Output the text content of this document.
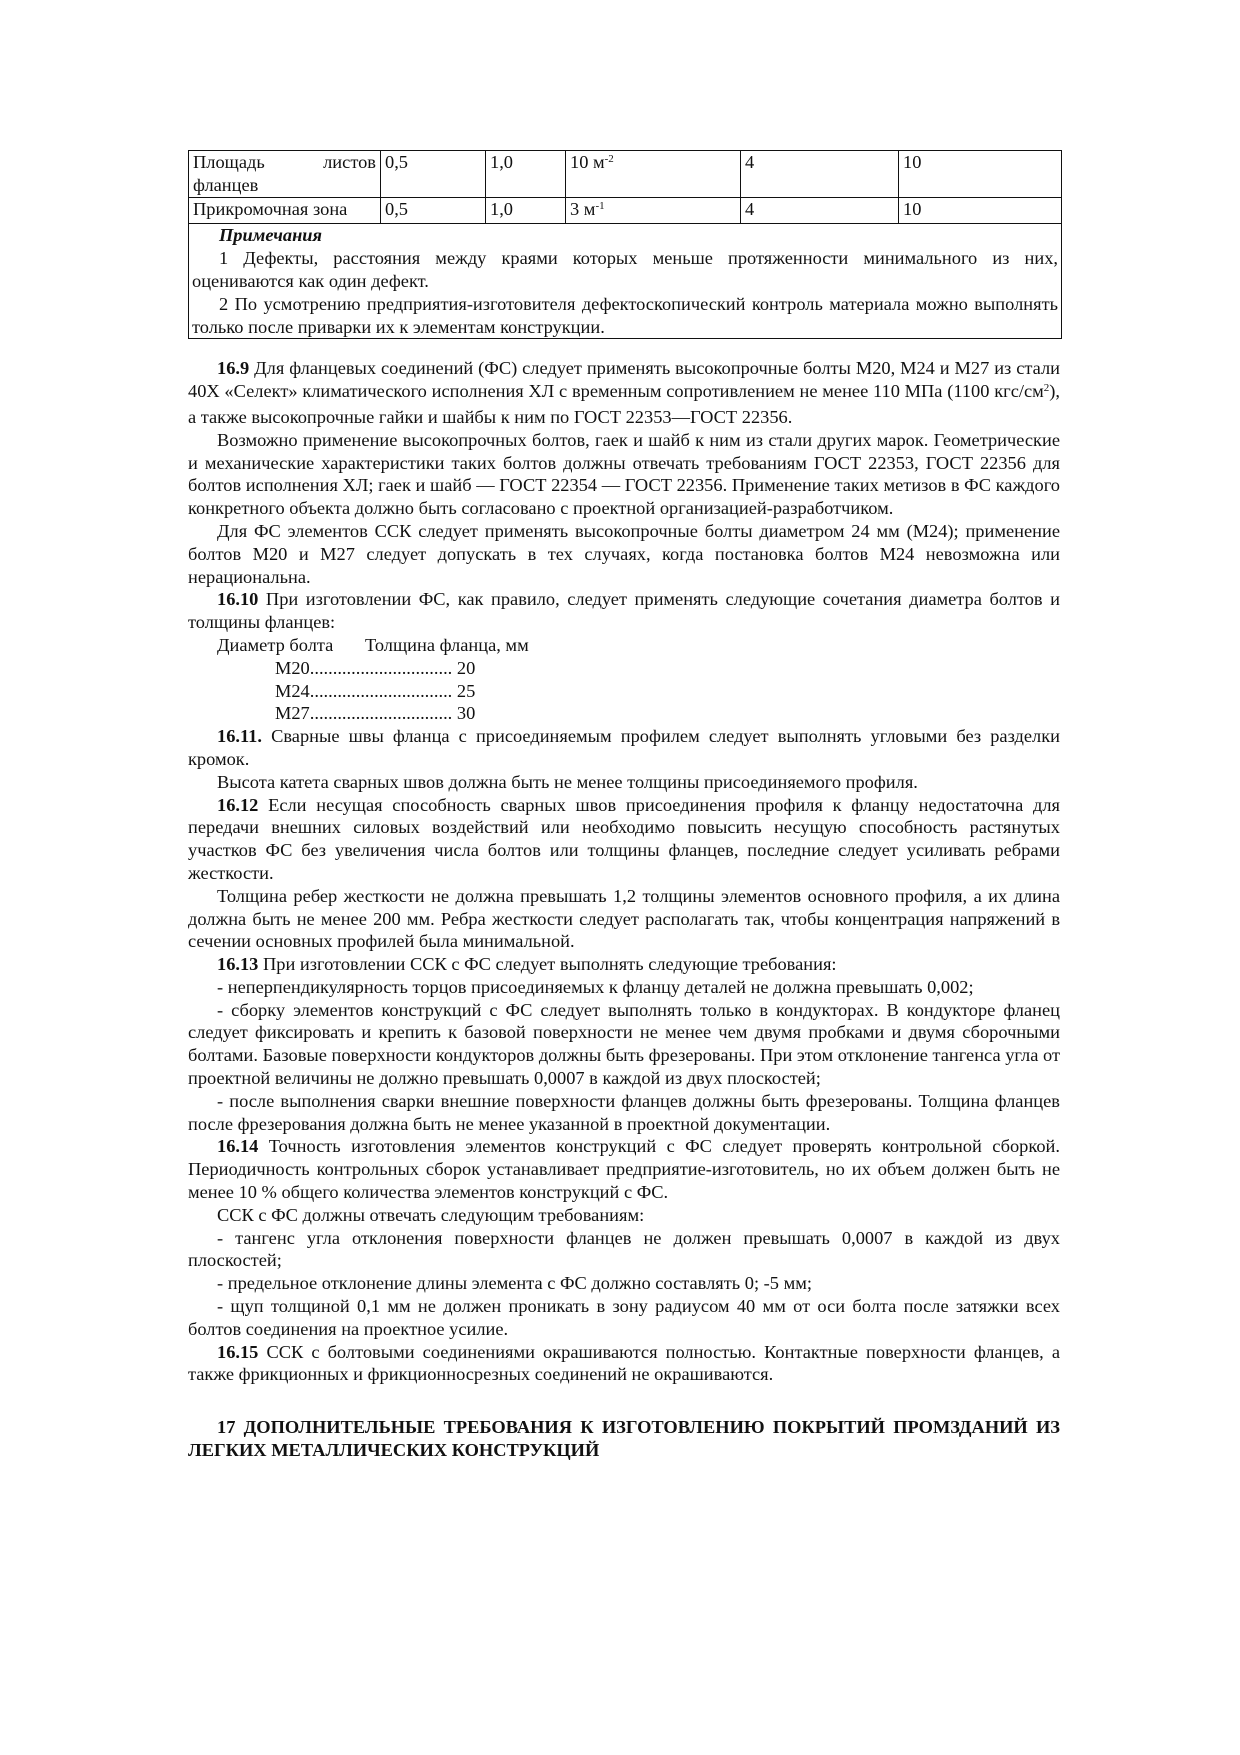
Площадь листов фланцев	0,5	1,0	10 $м^{-2}$	4	10
Прикромочная зона	0,5	1,0	3 $м^{-1}$	4	10

Примечания

1 Дефекты, расстояния между краями которых меньше протяженности минимального из них, оцениваются как один дефект.

2 По усмотрению предприятия-изготовителя дефектоскопический контроль материала можно выполнять только после приварки их к элементам конструкции.					

16.9 Для фланцевых соединений (ФС) следует применять высокопрочные болты М20, М24 и М27 из стали 40Х «Селект» климатического исполнения ХЛ с временным сопротивлением не менее 110 МПа (1100 кгс/$см^2$), а также высокопрочные гайки и шайбы к ним по ГОСТ 22353—ГОСТ 22356.

Возможно применение высокопрочных болтов, гаек и шайб к ним из стали других марок. Геометрические и механические характеристики таких болтов должны отвечать требованиям ГОСТ 22353, ГОСТ 22356 для болтов исполнения ХЛ; гаек и шайб — ГОСТ 22354 — ГОСТ 22356. Применение таких метизов в ФС каждого конкретного объекта должно быть согласовано с проектной организацией-разработчиком.

Для ФС элементов ССК следует применять высокопрочные болты диаметром 24 мм (М24); применение болтов М20 и М27 следует допускать в тех случаях, когда постановка болтов М24 невозможна или нерациональна.

16.10 При изготовлении ФС, как правило, следует применять следующие сочетания диаметра болтов и толщины фланцев:

Диаметр болта Толщина фланца, мм
М20............................... 20
М24............................... 25
М27............................... 30

16.11. Сварные швы фланца с присоединяемым профилем следует выполнять угловыми без разделки кромок.

Высота катета сварных швов должна быть не менее толщины присоединяемого профиля.

16.12 Если несущая способность сварных швов присоединения профиля к фланцу недостаточна для передачи внешних силовых воздействий или необходимо повысить несущую способность растянутых участков ФС без увеличения числа болтов или толщины фланцев, последние следует усиливать ребрами жесткости.

Толщина ребер жесткости не должна превышать 1,2 толщины элементов основного профиля, а их длина должна быть не менее 200 мм. Ребра жесткости следует располагать так, чтобы концентрация напряжений в сечении основных профилей была минимальной.

16.13 При изготовлении ССК с ФС следует выполнять следующие требования:

- неперпендикулярность торцов присоединяемых к фланцу деталей не должна превышать 0,002;

- сборку элементов конструкций с ФС следует выполнять только в кондукторах. В кондукторе фланец следует фиксировать и крепить к базовой поверхности не менее чем двумя пробками и двумя сборочными болтами. Базовые поверхности кондукторов должны быть фрезерованы. При этом отклонение тангенса угла от проектной величины не должно превышать 0,0007 в каждой из двух плоскостей;

- после выполнения сварки внешние поверхности фланцев должны быть фрезерованы. Толщина фланцев после фрезерования должна быть не менее указанной в проектной документации.

16.14 Точность изготовления элементов конструкций с ФС следует проверять контрольной сборкой. Периодичность контрольных сборок устанавливает предприятие-изготовитель, но их объем должен быть не менее 10 % общего количества элементов конструкций с ФС.

ССК с ФС должны отвечать следующим требованиям:

- тангенс угла отклонения поверхности фланцев не должен превышать 0,0007 в каждой из двух плоскостей;

- предельное отклонение длины элемента с ФС должно составлять 0; -5 мм;

- щуп толщиной 0,1 мм не должен проникать в зону радиусом 40 мм от оси болта после затяжки всех болтов соединения на проектное усилие.

16.15 ССК с болтовыми соединениями окрашиваются полностью. Контактные поверхности фланцев, а также фрикционных и фрикционносрезных соединений не окрашиваются.

17 ДОПОЛНИТЕЛЬНЫЕ ТРЕБОВАНИЯ К ИЗГОТОВЛЕНИЮ ПОКРЫТИЙ ПРОМЗДАНИЙ ИЗ ЛЕГКИХ МЕТАЛЛИЧЕСКИХ КОНСТРУКЦИЙ
